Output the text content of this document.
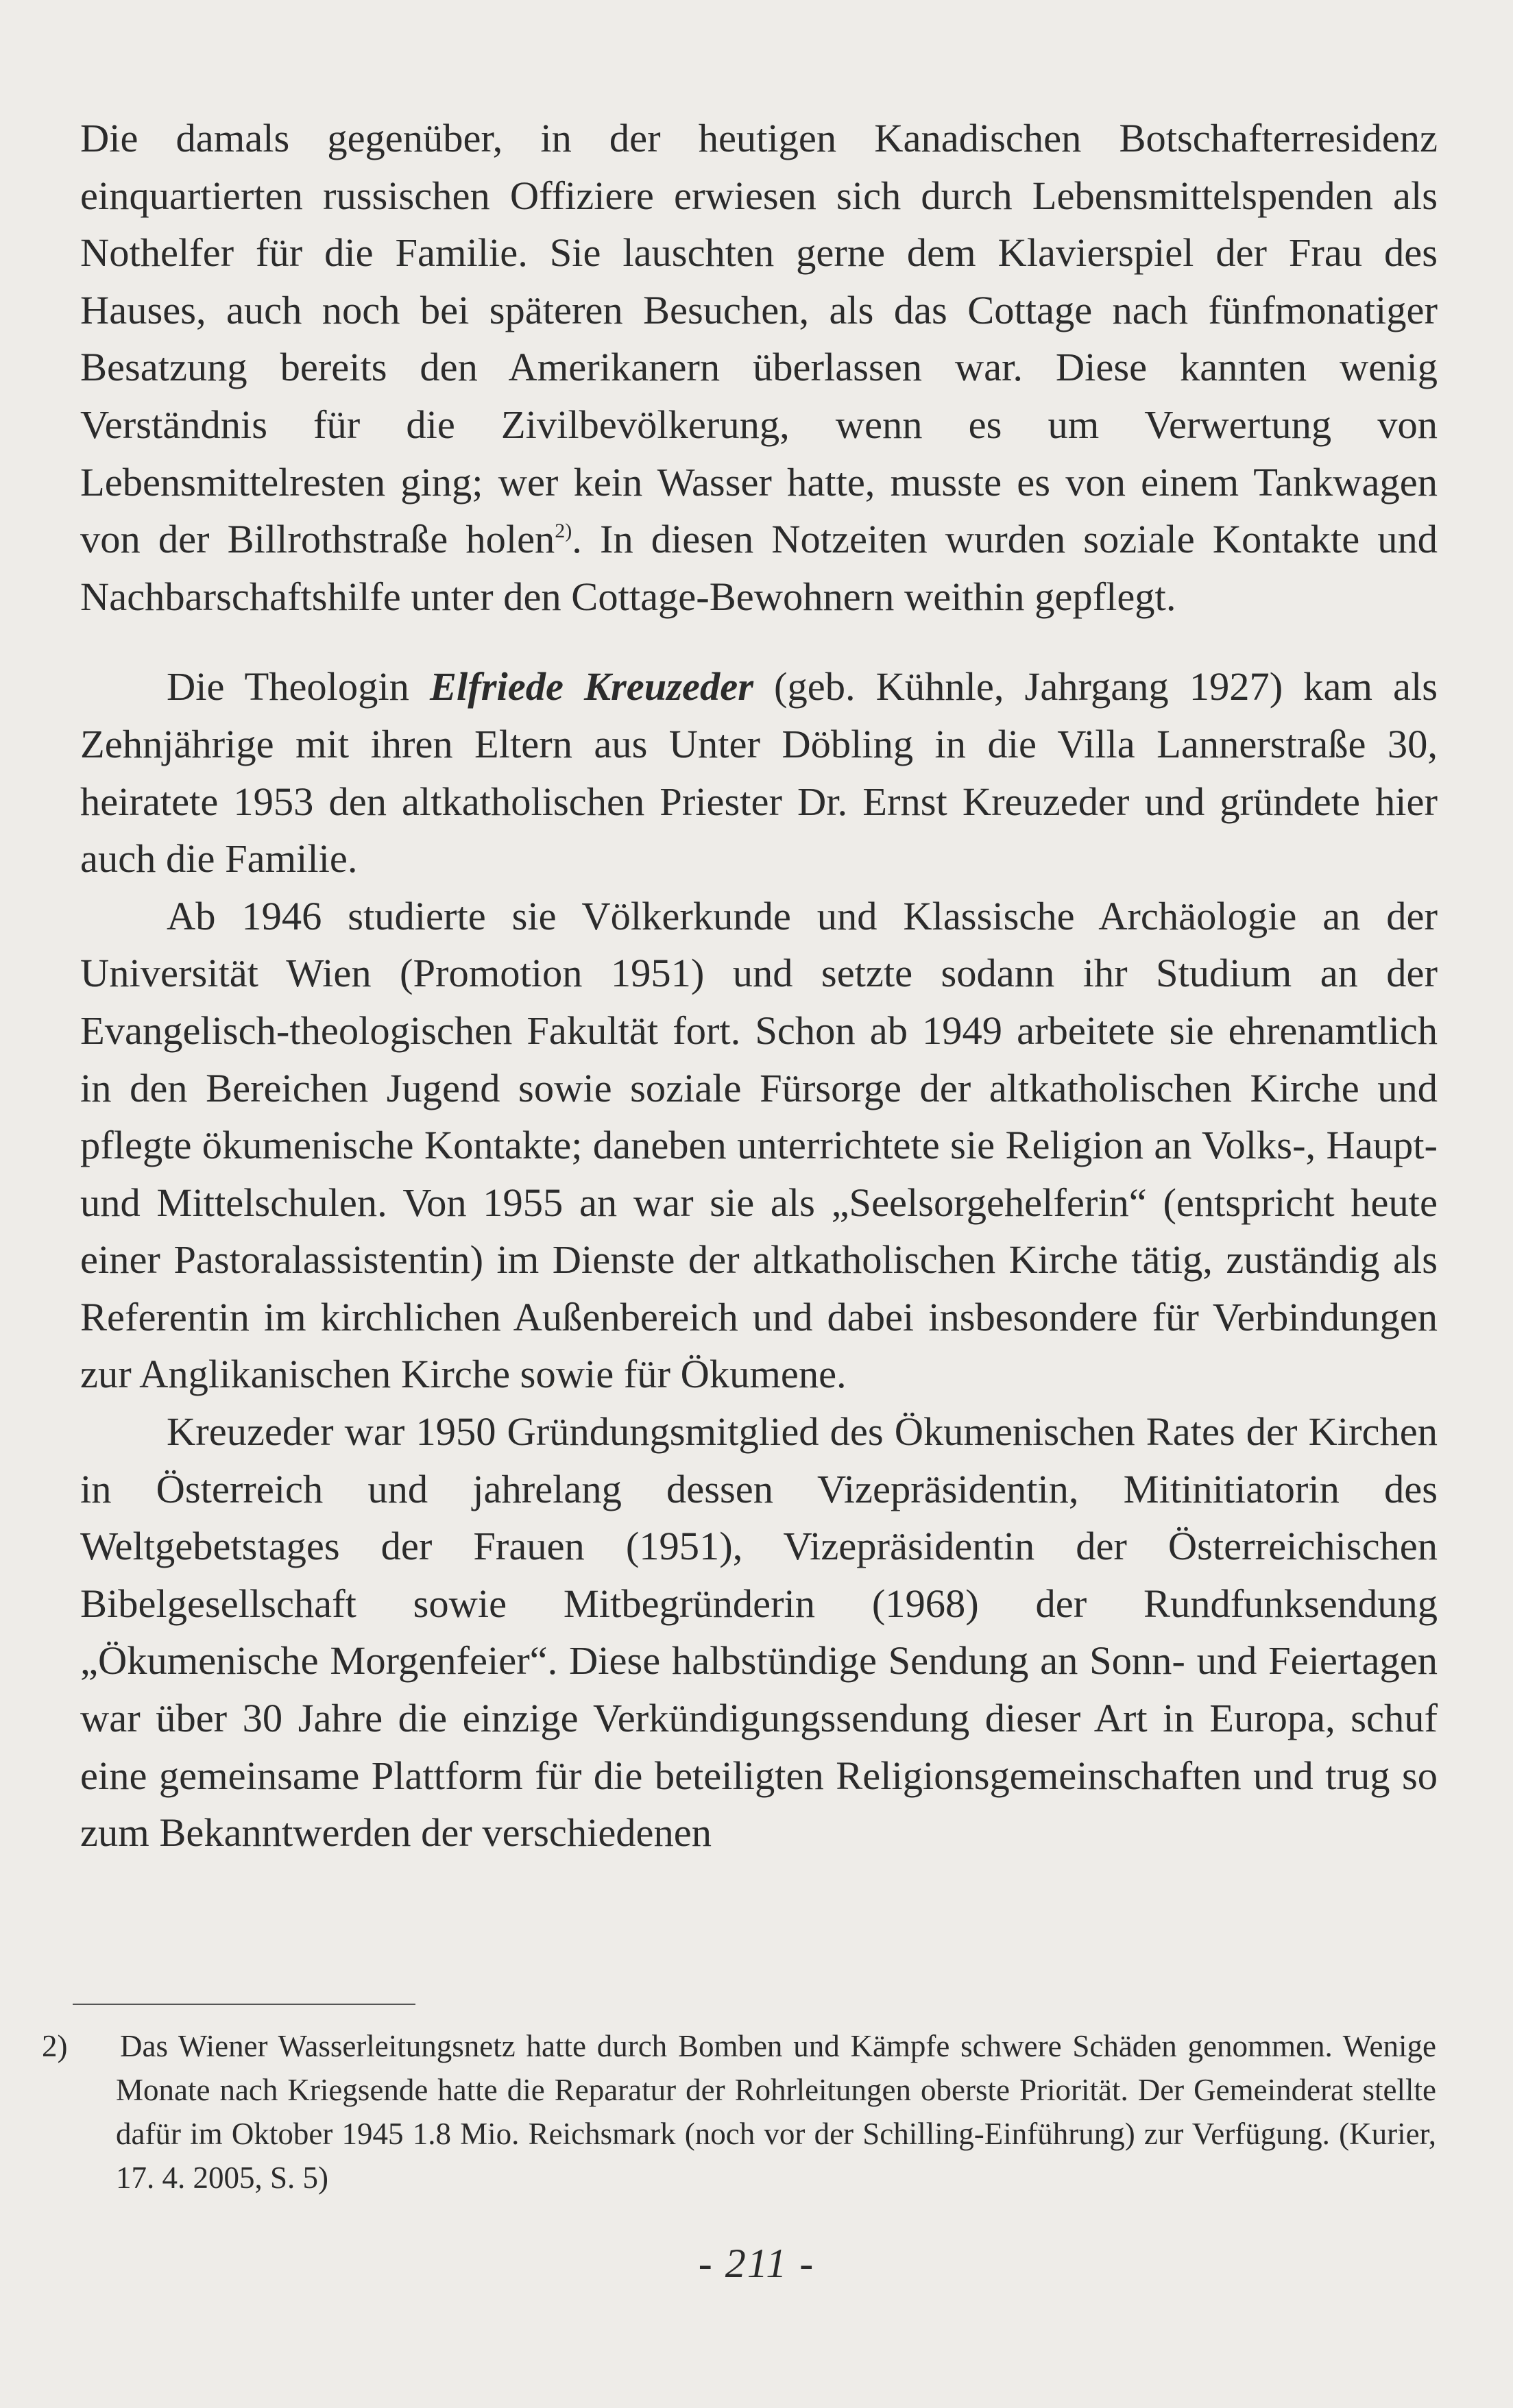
Die damals gegenüber, in der heutigen Kanadischen Botschafterresidenz einquartierten russischen Offiziere erwiesen sich durch Lebensmittelspenden als Nothelfer für die Familie. Sie lauschten gerne dem Klavierspiel der Frau des Hauses, auch noch bei späteren Besuchen, als das Cottage nach fünfmonatiger Besatzung bereits den Amerikanern überlassen war. Diese kannten wenig Verständnis für die Zivilbevölkerung, wenn es um Verwertung von Lebensmittelresten ging; wer kein Wasser hatte, musste es von einem Tankwagen von der Billrothstraße holen$^{2)}$. In diesen Notzeiten wurden soziale Kontakte und Nachbarschaftshilfe unter den Cottage-Bewohnern weithin gepflegt.

Die Theologin Elfriede Kreuzeder (geb. Kühnle, Jahrgang 1927) kam als Zehnjährige mit ihren Eltern aus Unter Döbling in die Villa Lannerstraße 30, heiratete 1953 den altkatholischen Priester Dr. Ernst Kreuzeder und gründete hier auch die Familie.

Ab 1946 studierte sie Völkerkunde und Klassische Archäologie an der Universität Wien (Promotion 1951) und setzte sodann ihr Studium an der Evangelisch-theologischen Fakultät fort. Schon ab 1949 arbeitete sie ehrenamtlich in den Bereichen Jugend sowie soziale Fürsorge der altkatholischen Kirche und pflegte ökumenische Kontakte; daneben unterrichtete sie Religion an Volks-, Haupt- und Mittelschulen. Von 1955 an war sie als „Seelsorgehelferin“ (entspricht heute einer Pastoralassistentin) im Dienste der altkatholischen Kirche tätig, zuständig als Referentin im kirchlichen Außenbereich und dabei insbesondere für Verbindungen zur Anglikanischen Kirche sowie für Ökumene.

Kreuzeder war 1950 Gründungsmitglied des Ökumenischen Rates der Kirchen in Österreich und jahrelang dessen Vizepräsidentin, Mitinitiatorin des Weltgebetstages der Frauen (1951), Vizepräsidentin der Österreichischen Bibelgesellschaft sowie Mitbegründerin (1968) der Rundfunksendung „Ökumenische Morgenfeier“. Diese halbstündige Sendung an Sonn- und Feiertagen war über 30 Jahre die einzige Verkündigungssendung dieser Art in Europa, schuf eine gemeinsame Plattform für die beteiligten Religionsgemeinschaften und trug so zum Bekanntwerden der verschiedenen

2) Das Wiener Wasserleitungsnetz hatte durch Bomben und Kämpfe schwere Schäden genommen. Wenige Monate nach Kriegsende hatte die Reparatur der Rohrleitungen oberste Priorität. Der Gemeinderat stellte dafür im Oktober 1945 1.8 Mio. Reichsmark (noch vor der Schilling-Einführung) zur Verfügung. (Kurier, 17. 4. 2005, S. 5)
- 211 -
